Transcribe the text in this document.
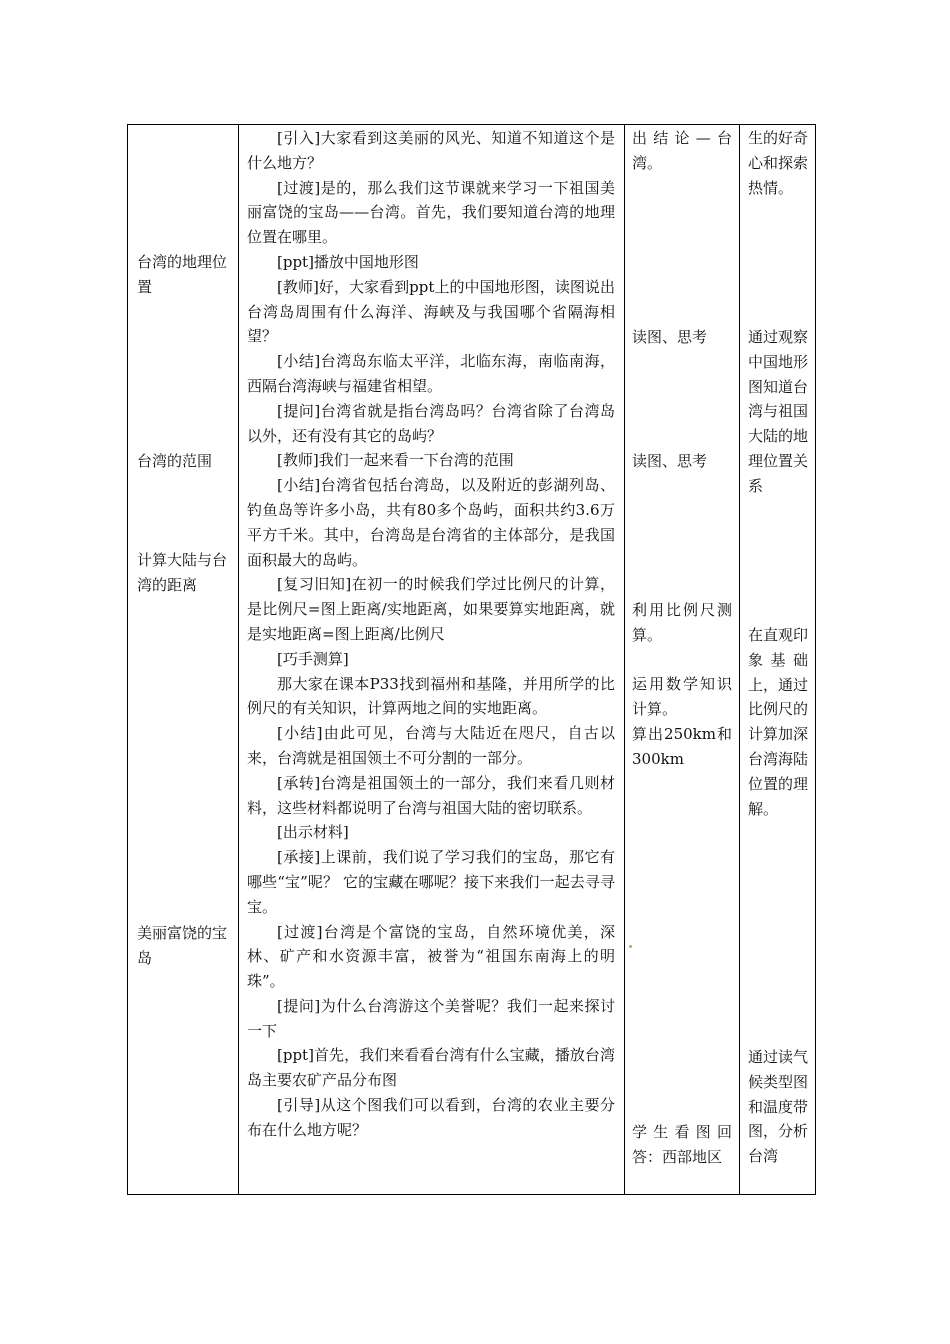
台湾的地理位置
台湾的范围
计算大陆与台湾的距离
美丽富饶的宝岛
[引入]大家看到这美丽的风光、知道不知道这个是什么地方？
[过渡]是的，那么我们这节课就来学习一下祖国美丽富饶的宝岛——台湾。首先，我们要知道台湾的地理位置在哪里。
[ppt]播放中国地形图
[教师]好，大家看到ppt上的中国地形图，读图说出台湾岛周围有什么海洋、海峡及与我国哪个省隔海相望？
[小结]台湾岛东临太平洋，北临东海，南临南海，西隔台湾海峡与福建省相望。
[提问]台湾省就是指台湾岛吗？台湾省除了台湾岛以外，还有没有其它的岛屿？
[教师]我们一起来看一下台湾的范围
[小结]台湾省包括台湾岛，以及附近的彭湖列岛、钓鱼岛等许多小岛，共有80多个岛屿，面积共约3.6万平方千米。其中，台湾岛是台湾省的主体部分，是我国面积最大的岛屿。
[复习旧知]在初一的时候我们学过比例尺的计算，是比例尺=图上距离/实地距离，如果要算实地距离，就是实地距离=图上距离/比例尺
[巧手测算]
那大家在课本P33找到福州和基隆，并用所学的比例尺的有关知识，计算两地之间的实地距离。
[小结]由此可见，台湾与大陆近在咫尺，自古以来，台湾就是祖国领土不可分割的一部分。
[承转]台湾是祖国领土的一部分，我们来看几则材料，这些材料都说明了台湾与祖国大陆的密切联系。
[出示材料]
[承接]上课前，我们说了学习我们的宝岛，那它有哪些“宝”呢？ 它的宝藏在哪呢？接下来我们一起去寻寻宝。
[过渡]台湾是个富饶的宝岛，自然环境优美，深林、矿产和水资源丰富，被誉为“祖国东南海上的明珠”。
[提问]为什么台湾游这个美誉呢？我们一起来探讨一下
[ppt]首先，我们来看看台湾有什么宝藏，播放台湾岛主要农矿产品分布图
[引导]从这个图我们可以看到，台湾的农业主要分布在什么地方呢？
出结论—台湾。
读图、思考
读图、思考
利用比例尺测算。
运用数学知识计算。
算出250km和300km
学生看图回答：西部地区
生的好奇心和探索热情。
通过观察中国地形图知道台湾与祖国大陆的地理位置关系
在直观印象基础上，通过比例尺的计算加深台湾海陆位置的理解。
通过读气候类型图和温度带图，分析台湾
